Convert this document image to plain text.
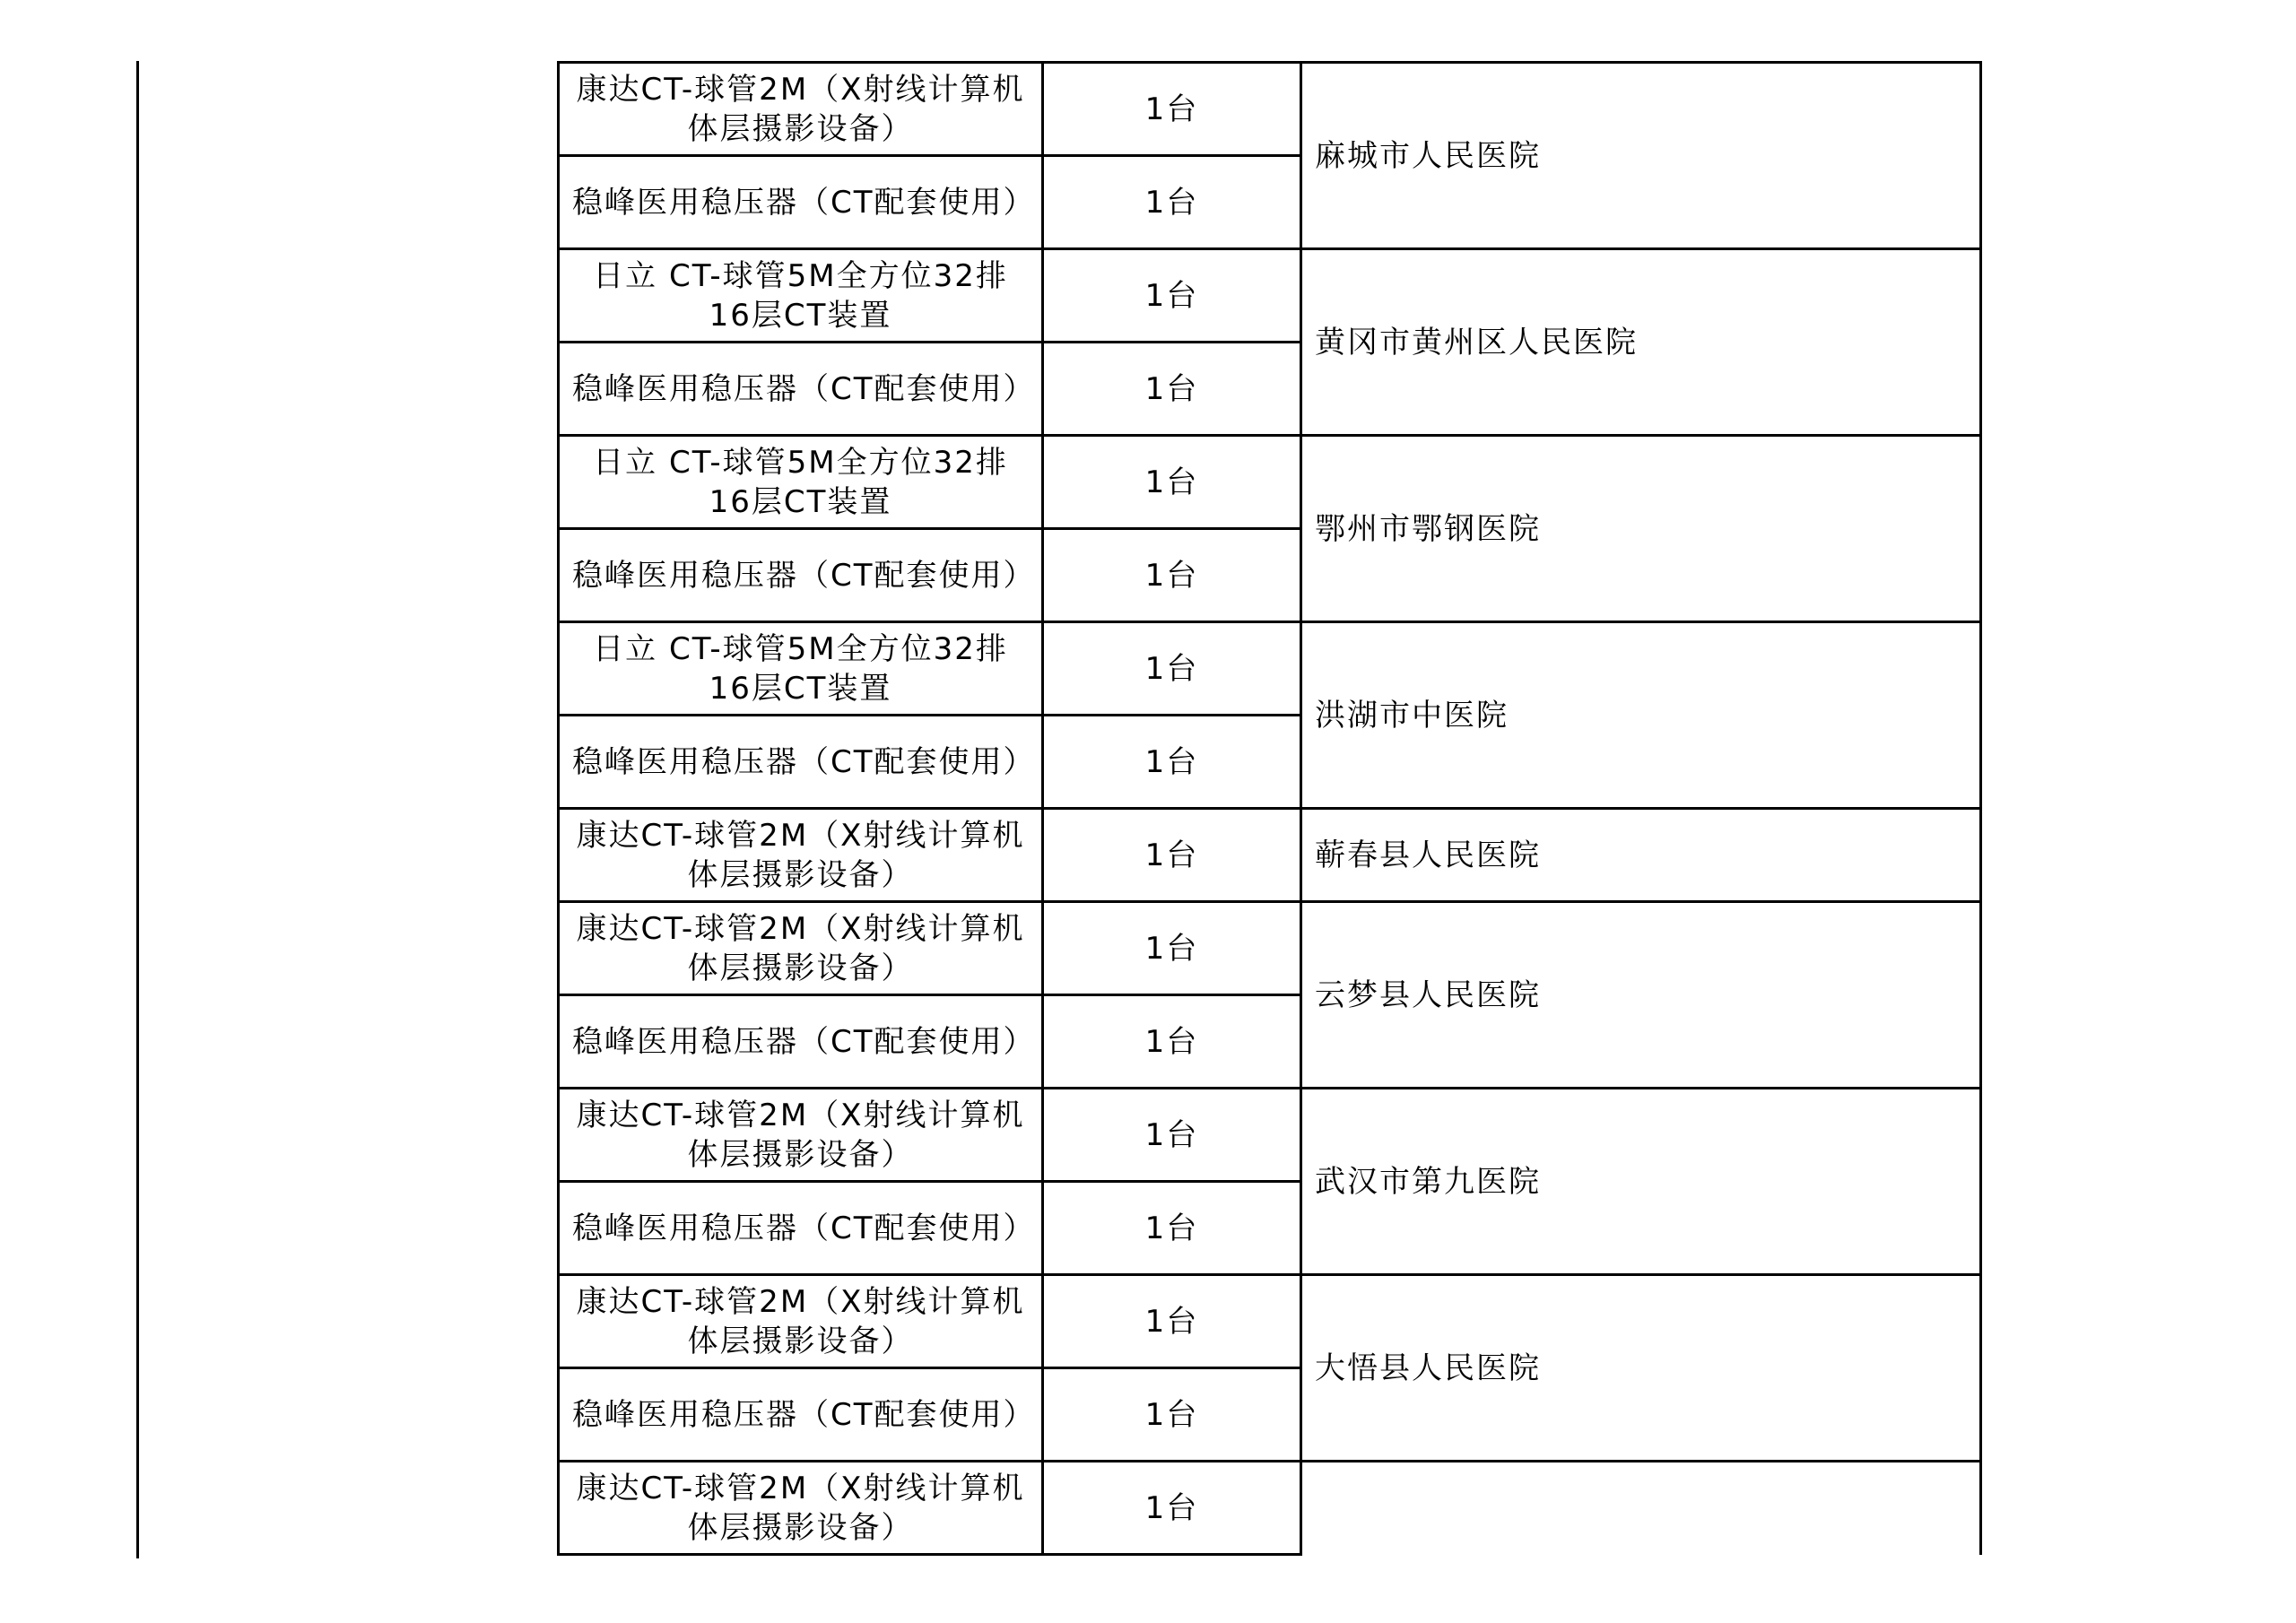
康达CT-球管2M（X射线计算机体层摄影设备）	1台	麻城市人民医院
稳峰医用稳压器（CT配套使用）	1台	
日立 CT-球管5M全方位32排16层CT装置	1台	黄冈市黄州区人民医院
稳峰医用稳压器（CT配套使用）	1台	
日立 CT-球管5M全方位32排16层CT装置	1台	鄂州市鄂钢医院
稳峰医用稳压器（CT配套使用）	1台	
日立 CT-球管5M全方位32排16层CT装置	1台	洪湖市中医院
稳峰医用稳压器（CT配套使用）	1台	
康达CT-球管2M（X射线计算机体层摄影设备）	1台	蕲春县人民医院
康达CT-球管2M（X射线计算机体层摄影设备）	1台	云梦县人民医院
稳峰医用稳压器（CT配套使用）	1台	
康达CT-球管2M（X射线计算机体层摄影设备）	1台	武汉市第九医院
稳峰医用稳压器（CT配套使用）	1台	
康达CT-球管2M（X射线计算机体层摄影设备）	1台	大悟县人民医院
稳峰医用稳压器（CT配套使用）	1台	
康达CT-球管2M（X射线计算机体层摄影设备）	1台	
